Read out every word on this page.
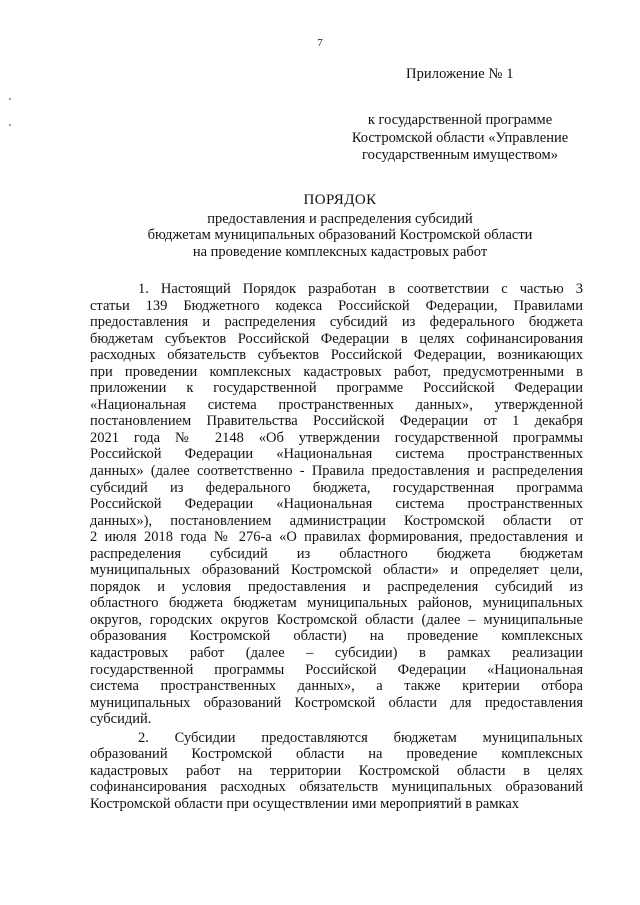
7
Приложение № 1
к государственной программе
Костромской области «Управление
государственным имуществом»
ПОРЯДОК
предоставления и распределения субсидий
бюджетам муниципальных образований Костромской области
на проведение комплексных кадастровых работ
1. Настоящий Порядок разработан в соответствии с частью 3
статьи 139 Бюджетного кодекса Российской Федерации, Правилами
предоставления и распределения субсидий из федерального бюджета
бюджетам субъектов Российской Федерации в целях софинансирования
расходных обязательств субъектов Российской Федерации, возникающих
при проведении комплексных кадастровых работ, предусмотренными в
приложении к государственной программе Российской Федерации
«Национальная система пространственных данных», утвержденной
постановлением Правительства Российской Федерации от 1 декабря
2021 года № 2148 «Об утверждении государственной программы
Российской Федерации «Национальная система пространственных
данных» (далее соответственно - Правила предоставления и распределения
субсидий из федерального бюджета, государственная программа
Российской Федерации «Национальная система пространственных
данных»), постановлением администрации Костромской области от
2 июля 2018 года № 276-а «О правилах формирования, предоставления и
распределения субсидий из областного бюджета бюджетам
муниципальных образований Костромской области» и определяет цели,
порядок и условия предоставления и распределения субсидий из
областного бюджета бюджетам муниципальных районов, муниципальных
округов, городских округов Костромской области (далее – муниципальные
образования Костромской области) на проведение комплексных
кадастровых работ (далее – субсидии) в рамках реализации
государственной программы Российской Федерации «Национальная
система пространственных данных», а также критерии отбора
муниципальных образований Костромской области для предоставления
субсидий.
2. Субсидии предоставляются бюджетам муниципальных
образований Костромской области на проведение комплексных
кадастровых работ на территории Костромской области в целях
софинансирования расходных обязательств муниципальных образований
Костромской области при осуществлении ими мероприятий в рамках
